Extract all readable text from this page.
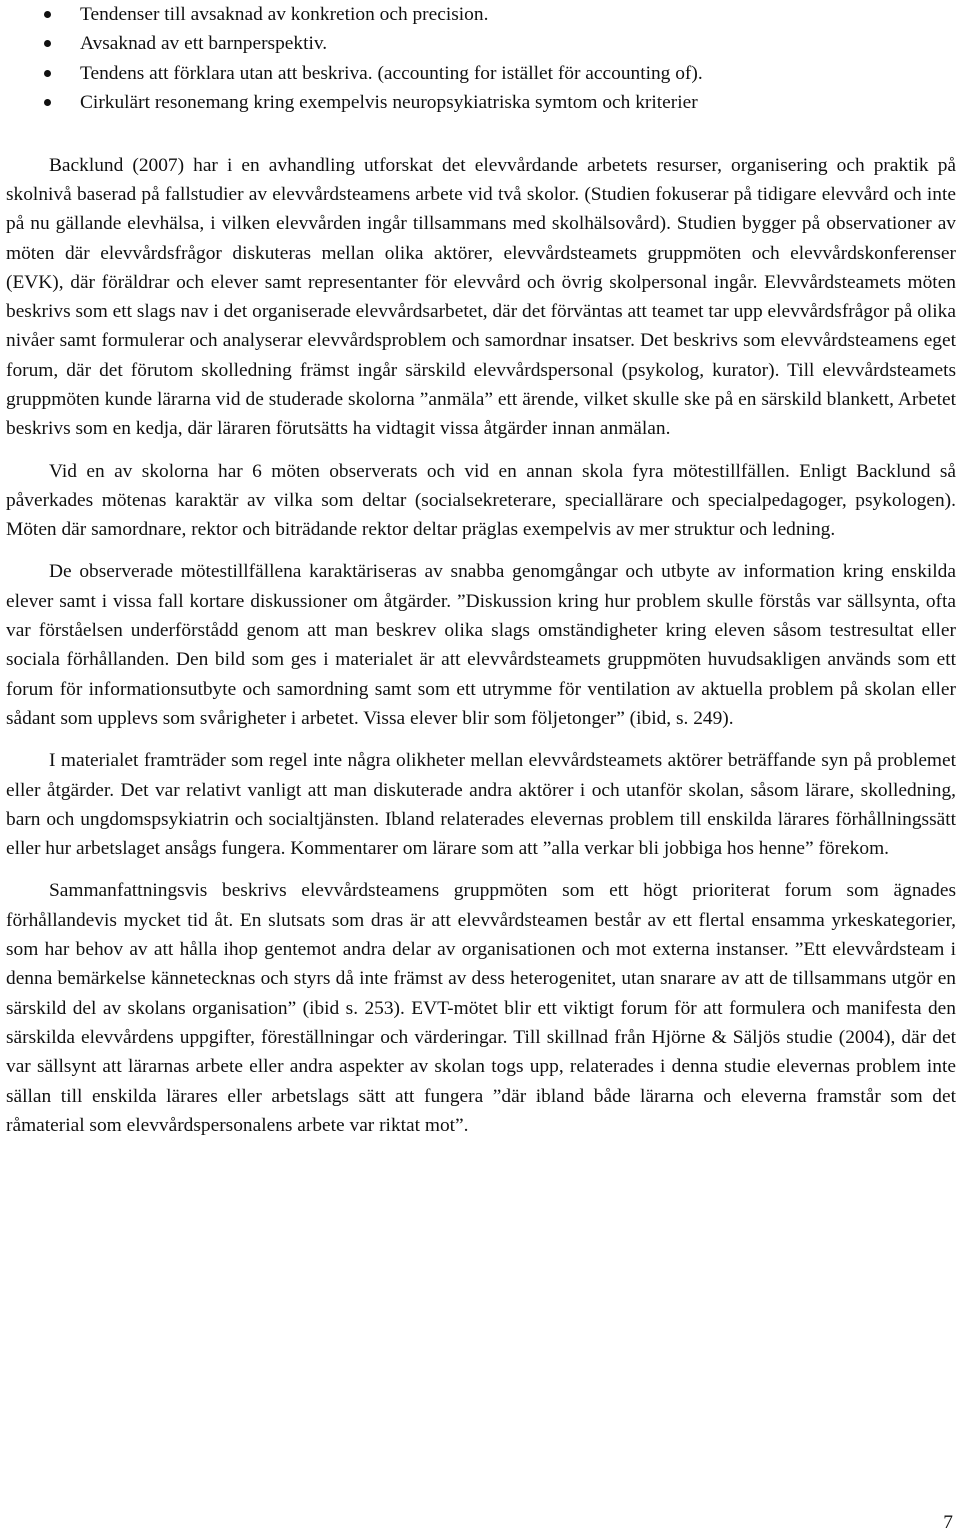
Tendenser till avsaknad av konkretion och precision.
Avsaknad av ett barnperspektiv.
Tendens att förklara utan att beskriva. (accounting for istället för accounting of).
Cirkulärt resonemang kring exempelvis neuropsykiatriska symtom och kriterier

Backlund (2007) har i en avhandling utforskat det elevvårdande arbetets resurser, organisering och praktik på skolnivå baserad på fallstudier av elevvårdsteamens arbete vid två skolor. (Studien fokuserar på tidigare elevvård och inte på nu gällande elevhälsa, i vilken elevvården ingår tillsammans med skolhälsovård). Studien bygger på observationer av möten där elevvårdsfrågor diskuteras mellan olika aktörer, elevvårdsteamets gruppmöten och elevvårdskonferenser (EVK), där föräldrar och elever samt representanter för elevvård och övrig skolpersonal ingår. Elevvårdsteamets möten beskrivs som ett slags nav i det organiserade elevvårdsarbetet, där det förväntas att teamet tar upp elevvårdsfrågor på olika nivåer samt formulerar och analyserar elevvårdsproblem och samordnar insatser. Det beskrivs som elevvårdsteamens eget forum, där det förutom skolledning främst ingår särskild elevvårdspersonal (psykolog, kurator). Till elevvårdsteamets gruppmöten kunde lärarna vid de studerade skolorna ”anmäla” ett ärende, vilket skulle ske på en särskild blankett, Arbetet beskrivs som en kedja, där läraren förutsätts ha vidtagit vissa åtgärder innan anmälan.

Vid en av skolorna har 6 möten observerats och vid en annan skola fyra mötestillfällen. Enligt Backlund så påverkades mötenas karaktär av vilka som deltar (socialsekreterare, speciallärare och specialpedagoger, psykologen). Möten där samordnare, rektor och biträdande rektor deltar präglas exempelvis av mer struktur och ledning.

De observerade mötestillfällena karaktäriseras av snabba genomgångar och utbyte av information kring enskilda elever samt i vissa fall kortare diskussioner om åtgärder. ”Diskussion kring hur problem skulle förstås var sällsynta, ofta var förståelsen underförstådd genom att man beskrev olika slags omständigheter kring eleven såsom testresultat eller sociala förhållanden. Den bild som ges i materialet är att elevvårdsteamets gruppmöten huvudsakligen används som ett forum för informationsutbyte och samordning samt som ett utrymme för ventilation av aktuella problem på skolan eller sådant som upplevs som svårigheter i arbetet. Vissa elever blir som följetonger” (ibid, s. 249).

I materialet framträder som regel inte några olikheter mellan elevvårdsteamets aktörer beträffande syn på problemet eller åtgärder. Det var relativt vanligt att man diskuterade andra aktörer i och utanför skolan, såsom lärare, skolledning, barn och ungdomspsykiatrin och socialtjänsten. Ibland relaterades elevernas problem till enskilda lärares förhållningssätt eller hur arbetslaget ansågs fungera. Kommentarer om lärare som att ”alla verkar bli jobbiga hos henne” förekom.

Sammanfattningsvis beskrivs elevvårdsteamens gruppmöten som ett högt prioriterat forum som ägnades förhållandevis mycket tid åt. En slutsats som dras är att elevvårdsteamen består av ett flertal ensamma yrkeskategorier, som har behov av att hålla ihop gentemot andra delar av organisationen och mot externa instanser. ”Ett elevvårdsteam i denna bemärkelse kännetecknas och styrs då inte främst av dess heterogenitet, utan snarare av att de tillsammans utgör en särskild del av skolans organisation” (ibid s. 253). EVT-mötet blir ett viktigt forum för att formulera och manifesta den särskilda elevvårdens uppgifter, föreställningar och värderingar. Till skillnad från Hjörne & Säljös studie (2004), där det var sällsynt att lärarnas arbete eller andra aspekter av skolan togs upp, relaterades i denna studie elevernas problem inte sällan till enskilda lärares eller arbetslags sätt att fungera ”där ibland både lärarna och eleverna framstår som det råmaterial som elevvårdspersonalens arbete var riktat mot”.

7
